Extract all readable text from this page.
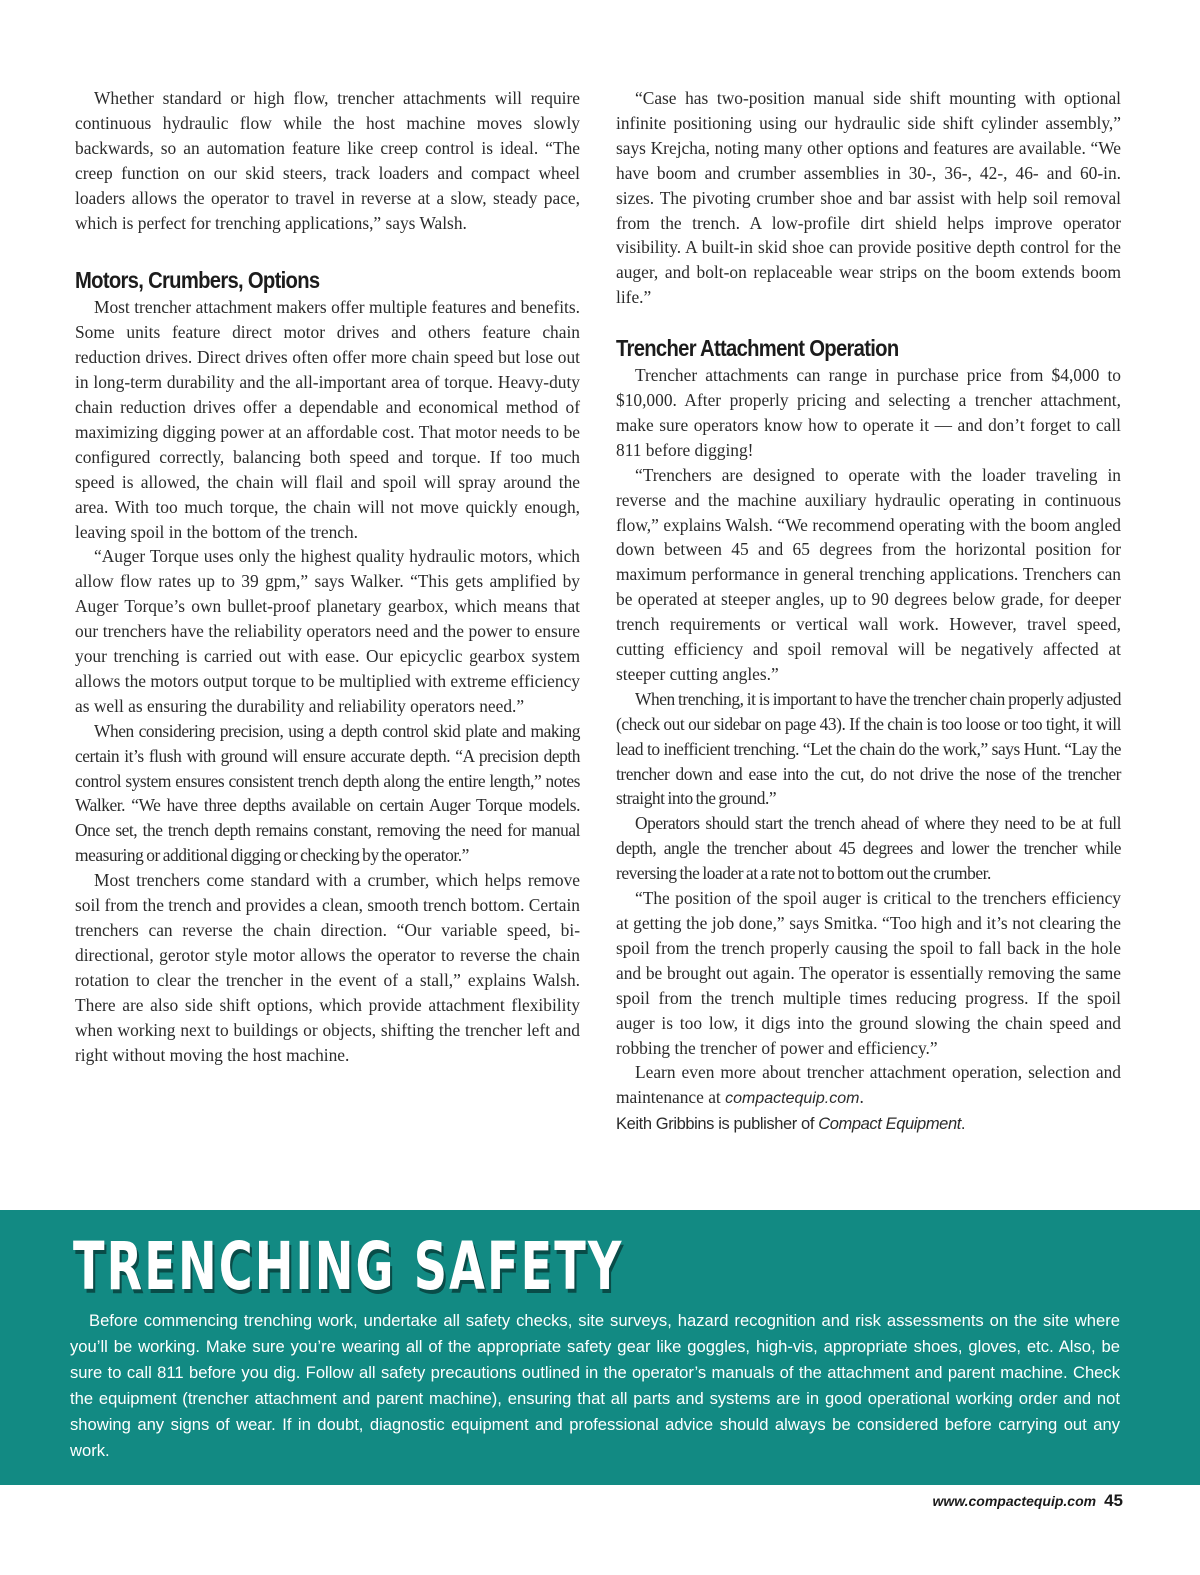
Whether standard or high flow, trencher attachments will require continuous hydraulic flow while the host machine moves slowly backwards, so an automation feature like creep control is ideal. “The creep function on our skid steers, track loaders and compact wheel loaders allows the operator to travel in reverse at a slow, steady pace, which is perfect for trenching applications,” says Walsh.

Motors, Crumbers, Options

Most trencher attachment makers offer multiple features and benefits. Some units feature direct motor drives and others feature chain reduction drives. Direct drives often offer more chain speed but lose out in long-term durability and the all-important area of torque. Heavy-duty chain reduction drives offer a dependable and economical method of maximizing digging power at an affordable cost. That motor needs to be configured correctly, balancing both speed and torque. If too much speed is allowed, the chain will flail and spoil will spray around the area. With too much torque, the chain will not move quickly enough, leaving spoil in the bottom of the trench.

“Auger Torque uses only the highest quality hydraulic motors, which allow flow rates up to 39 gpm,” says Walker. “This gets amplified by Auger Torque’s own bullet-proof planetary gearbox, which means that our trenchers have the reliability operators need and the power to ensure your trenching is carried out with ease. Our epicyclic gearbox system allows the motors output torque to be multiplied with extreme efficiency as well as ensuring the durability and reliability operators need.”

When considering precision, using a depth control skid plate and making certain it’s flush with ground will ensure accurate depth. “A precision depth control system ensures consistent trench depth along the entire length,” notes Walker. “We have three depths available on certain Auger Torque models. Once set, the trench depth remains constant, removing the need for manual measuring or additional digging or checking by the operator.”

Most trenchers come standard with a crumber, which helps remove soil from the trench and provides a clean, smooth trench bottom. Certain trenchers can reverse the chain direction. “Our variable speed, bi-directional, gerotor style motor allows the operator to reverse the chain rotation to clear the trencher in the event of a stall,” explains Walsh. There are also side shift options, which provide attachment flexibility when working next to buildings or objects, shifting the trencher left and right without moving the host machine.

“Case has two-position manual side shift mounting with optional infinite positioning using our hydraulic side shift cylinder assembly,” says Krejcha, noting many other options and features are available. “We have boom and crumber assemblies in 30-, 36-, 42-, 46- and 60-in. sizes. The pivoting crumber shoe and bar assist with help soil removal from the trench. A low-profile dirt shield helps improve operator visibility. A built-in skid shoe can provide positive depth control for the auger, and bolt-on replaceable wear strips on the boom extends boom life.”

Trencher Attachment Operation

Trencher attachments can range in purchase price from $4,000 to $10,000. After properly pricing and selecting a trencher attachment, make sure operators know how to operate it — and don’t forget to call 811 before digging!

“Trenchers are designed to operate with the loader traveling in reverse and the machine auxiliary hydraulic operating in continuous flow,” explains Walsh. “We recommend operating with the boom angled down between 45 and 65 degrees from the horizontal position for maximum performance in general trenching applications. Trenchers can be operated at steeper angles, up to 90 degrees below grade, for deeper trench requirements or vertical wall work. However, travel speed, cutting efficiency and spoil removal will be negatively affected at steeper cutting angles.”

When trenching, it is important to have the trencher chain properly adjusted (check out our sidebar on page 43). If the chain is too loose or too tight, it will lead to inefficient trenching. “Let the chain do the work,” says Hunt. “Lay the trencher down and ease into the cut, do not drive the nose of the trencher straight into the ground.”

Operators should start the trench ahead of where they need to be at full depth, angle the trencher about 45 degrees and lower the trencher while reversing the loader at a rate not to bottom out the crumber.

“The position of the spoil auger is critical to the trenchers efficiency at getting the job done,” says Smitka. “Too high and it’s not clearing the spoil from the trench properly causing the spoil to fall back in the hole and be brought out again. The operator is essentially removing the same spoil from the trench multiple times reducing progress. If the spoil auger is too low, it digs into the ground slowing the chain speed and robbing the trencher of power and efficiency.”

Learn even more about trencher attachment operation, selection and maintenance at compactequip.com.

Keith Gribbins is publisher of Compact Equipment.

TRENCHING SAFETY

Before commencing trenching work, undertake all safety checks, site surveys, hazard recognition and risk assessments on the site where you’ll be working. Make sure you’re wearing all of the appropriate safety gear like goggles, high-vis, appropriate shoes, gloves, etc. Also, be sure to call 811 before you dig. Follow all safety precautions outlined in the operator’s manuals of the attachment and parent machine. Check the equipment (trencher attachment and parent machine), ensuring that all parts and systems are in good operational working order and not showing any signs of wear. If in doubt, diagnostic equipment and professional advice should always be considered before carrying out any work.

www.compactequip.com 45
